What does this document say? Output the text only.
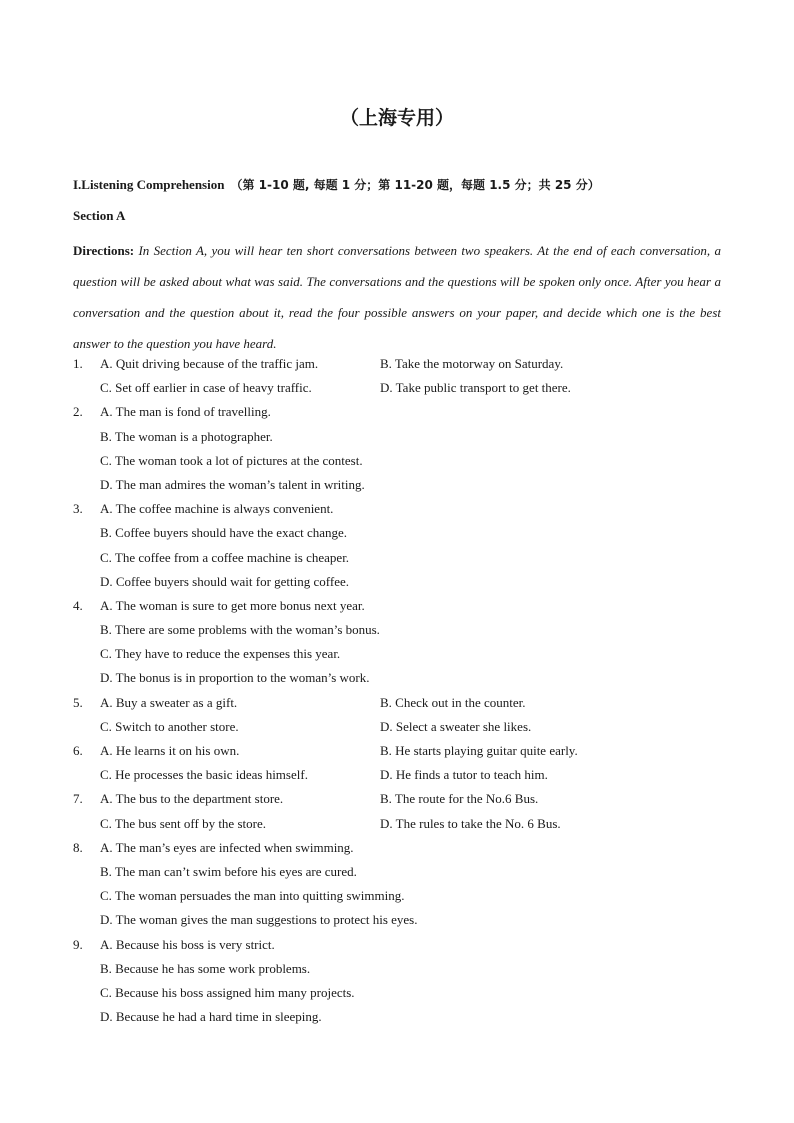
（上海专用）
I.Listening Comprehension （第 1-10 题, 每题 1 分；第 11-20 题，每题 1.5 分；共 25 分）
Section A
Directions: In Section A, you will hear ten short conversations between two speakers. At the end of each conversation, a question will be asked about what was said. The conversations and the questions will be spoken only once. After you hear a conversation and the question about it, read the four possible answers on your paper, and decide which one is the best answer to the question you have heard.
1.	A. Quit driving because of the traffic jam.	B. Take the motorway on Saturday.
C. Set off earlier in case of heavy traffic.	D. Take public transport to get there.
2.	A. The man is fond of travelling.
B. The woman is a photographer.
C. The woman took a lot of pictures at the contest.
D. The man admires the woman’s talent in writing.
3.	A. The coffee machine is always convenient.
B. Coffee buyers should have the exact change.
C. The coffee from a coffee machine is cheaper.
D. Coffee buyers should wait for getting coffee.
4.	A. The woman is sure to get more bonus next year.
B. There are some problems with the woman’s bonus.
C. They have to reduce the expenses this year.
D. The bonus is in proportion to the woman’s work.
5.	A. Buy a sweater as a gift.	B. Check out in the counter.
C. Switch to another store.	D. Select a sweater she likes.
6.	A. He learns it on his own.	B. He starts playing guitar quite early.
C. He processes the basic ideas himself.	D. He finds a tutor to teach him.
7.	A. The bus to the department store.	B. The route for the No.6 Bus.
C. The bus sent off by the store.	D. The rules to take the No. 6 Bus.
8.	A. The man’s eyes are infected when swimming.
B. The man can’t swim before his eyes are cured.
C. The woman persuades the man into quitting swimming.
D. The woman gives the man suggestions to protect his eyes.
9.	A. Because his boss is very strict.
B. Because he has some work problems.
C. Because his boss assigned him many projects.
D. Because he had a hard time in sleeping.
